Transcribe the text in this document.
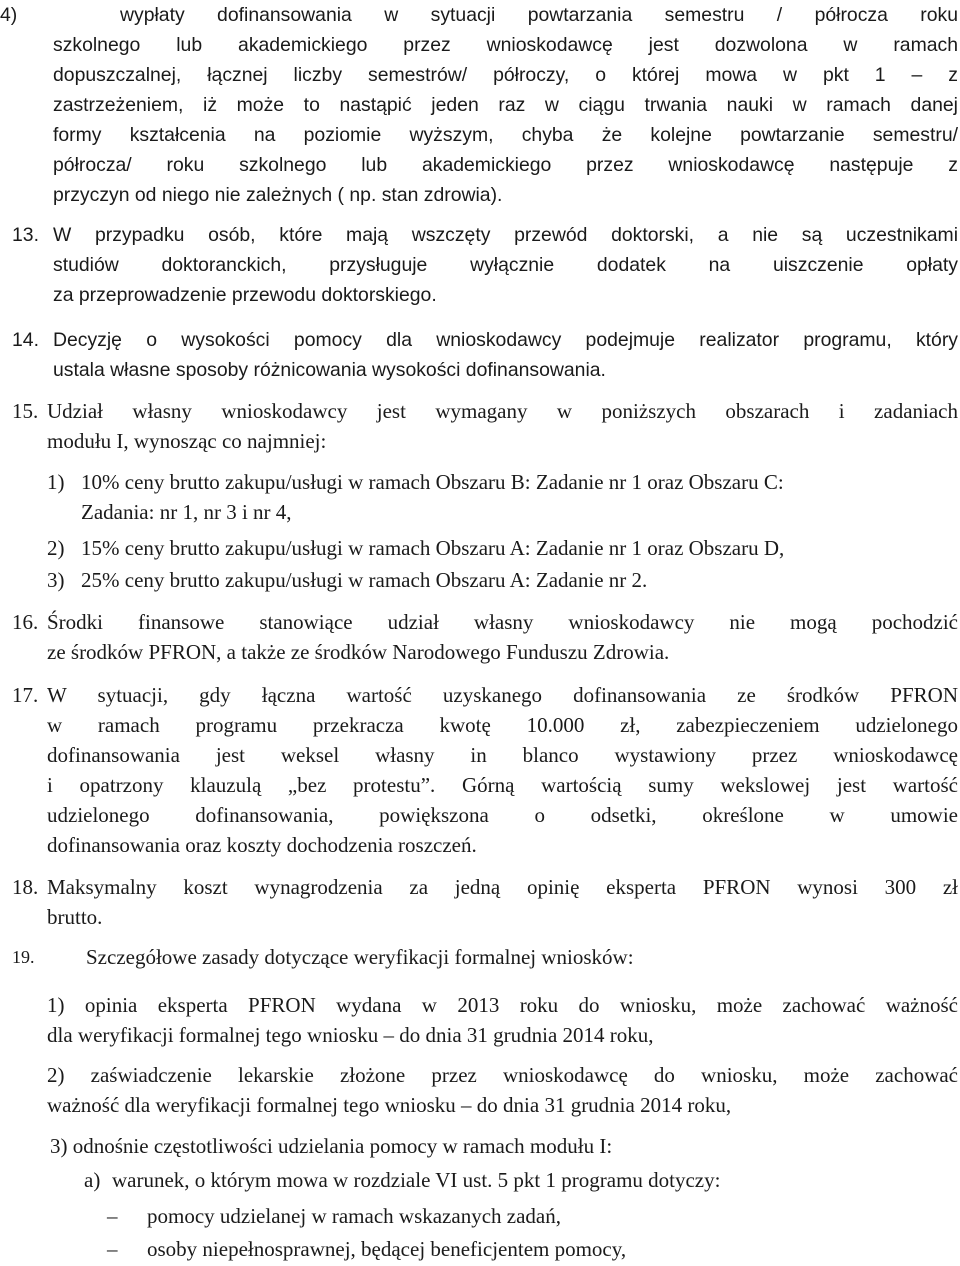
4)	wypłaty dofinansowania w sytuacji powtarzania semestru / półrocza roku
szkolnego lub akademickiego przez wnioskodawcę jest dozwolona w ramach
dopuszczalnej, łącznej liczby semestrów/ półroczy, o której mowa w pkt 1 – z
zastrzeżeniem, iż może to nastąpić jeden raz w ciągu trwania nauki w ramach danej
formy kształcenia na poziomie wyższym, chyba że kolejne powtarzanie semestru/
półrocza/ roku szkolnego lub akademickiego przez wnioskodawcę następuje z
przyczyn od niego nie zależnych ( np. stan zdrowia).
13. W przypadku osób, które mają wszczęty przewód doktorski, a nie są uczestnikami
studiów doktoranckich, przysługuje wyłącznie dodatek na uiszczenie opłaty
za przeprowadzenie przewodu doktorskiego.
14. Decyzję o wysokości pomocy dla wnioskodawcy podejmuje realizator programu, który
ustala własne sposoby różnicowania wysokości dofinansowania.
15. Udział własny wnioskodawcy jest wymagany w poniższych obszarach i zadaniach
modułu I, wynosząc co najmniej:
1) 10% ceny brutto zakupu/usługi w ramach Obszaru B: Zadanie nr 1 oraz Obszaru C:
Zadania: nr 1, nr 3 i nr 4,
2) 15% ceny brutto zakupu/usługi w ramach Obszaru A: Zadanie nr 1 oraz Obszaru D,
3) 25% ceny brutto zakupu/usługi w ramach Obszaru A: Zadanie nr 2.
16. Środki finansowe stanowiące udział własny wnioskodawcy nie mogą pochodzić
ze środków PFRON, a także ze środków Narodowego Funduszu Zdrowia.
17. W sytuacji, gdy łączna wartość uzyskanego dofinansowania ze środków PFRON
w ramach programu przekracza kwotę 10.000 zł, zabezpieczeniem udzielonego
dofinansowania jest weksel własny in blanco wystawiony przez wnioskodawcę
i opatrzony klauzulą „bez protestu”. Górną wartością sumy wekslowej jest wartość
udzielonego dofinansowania, powiększona o odsetki, określone w umowie
dofinansowania oraz koszty dochodzenia roszczeń.
18. Maksymalny koszt wynagrodzenia za jedną opinię eksperta PFRON wynosi 300 zł
brutto.
19. Szczegółowe zasady dotyczące weryfikacji formalnej wniosków:
1) opinia eksperta PFRON wydana w 2013 roku do wniosku, może zachować ważność
dla weryfikacji formalnej tego wniosku – do dnia 31 grudnia 2014 roku,
2) zaświadczenie lekarskie złożone przez wnioskodawcę do wniosku, może zachować
ważność dla weryfikacji formalnej tego wniosku – do dnia 31 grudnia 2014 roku,
3) odnośnie częstotliwości udzielania pomocy w ramach modułu I:
a) warunek, o którym mowa w rozdziale VI ust. 5 pkt 1 programu dotyczy:
– pomocy udzielanej w ramach wskazanych zadań,
– osoby niepełnosprawnej, będącej beneficjentem pomocy,
